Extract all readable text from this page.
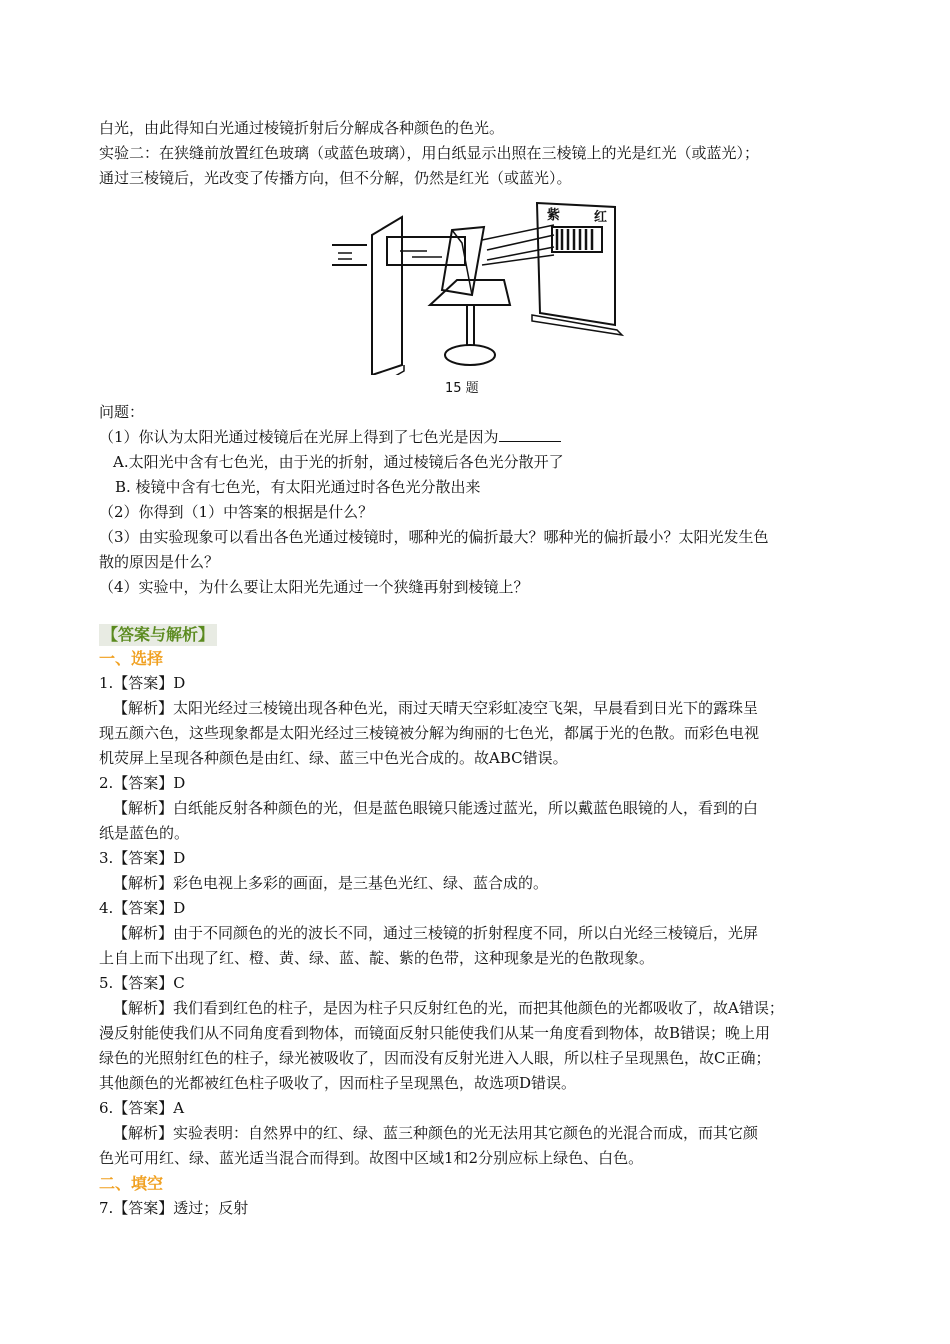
白光，由此得知白光通过棱镜折射后分解成各种颜色的色光。
实验二：在狭缝前放置红色玻璃（或蓝色玻璃），用白纸显示出照在三棱镜上的光是红光（或蓝光）；
通过三棱镜后，光改变了传播方向，但不分解，仍然是红光（或蓝光）。
紫	红
15 题
问题：
（1）你认为太阳光通过棱镜后在光屏上得到了七色光是因为
A.太阳光中含有七色光，由于光的折射，通过棱镜后各色光分散开了
B. 棱镜中含有七色光，有太阳光通过时各色光分散出来
（2）你得到（1）中答案的根据是什么？
（3）由实验现象可以看出各色光通过棱镜时，哪种光的偏折最大？哪种光的偏折最小？太阳光发生色
散的原因是什么？
（4）实验中，为什么要让太阳光先通过一个狭缝再射到棱镜上？
【答案与解析】
一、选择
1.【答案】D
【解析】太阳光经过三棱镜出现各种色光，雨过天晴天空彩虹凌空飞架，早晨看到日光下的露珠呈
现五颜六色，这些现象都是太阳光经过三棱镜被分解为绚丽的七色光，都属于光的色散。而彩色电视
机荧屏上呈现各种颜色是由红、绿、蓝三中色光合成的。故ABC错误。
2.【答案】D
【解析】白纸能反射各种颜色的光，但是蓝色眼镜只能透过蓝光，所以戴蓝色眼镜的人，看到的白
纸是蓝色的。
3.【答案】D
【解析】彩色电视上多彩的画面，是三基色光红、绿、蓝合成的。
4.【答案】D
【解析】由于不同颜色的光的波长不同，通过三棱镜的折射程度不同，所以白光经三棱镜后，光屏
上自上而下出现了红、橙、黄、绿、蓝、靛、紫的色带，这种现象是光的色散现象。
5.【答案】C
【解析】我们看到红色的柱子，是因为柱子只反射红色的光，而把其他颜色的光都吸收了，故A错误；
漫反射能使我们从不同角度看到物体，而镜面反射只能使我们从某一角度看到物体，故B错误；晚上用
绿色的光照射红色的柱子，绿光被吸收了，因而没有反射光进入人眼，所以柱子呈现黑色，故C正确；
其他颜色的光都被红色柱子吸收了，因而柱子呈现黑色，故选项D错误。
6.【答案】A
【解析】实验表明：自然界中的红、绿、蓝三种颜色的光无法用其它颜色的光混合而成，而其它颜
色光可用红、绿、蓝光适当混合而得到。故图中区域1和2分别应标上绿色、白色。
二、填空
7.【答案】透过；反射
